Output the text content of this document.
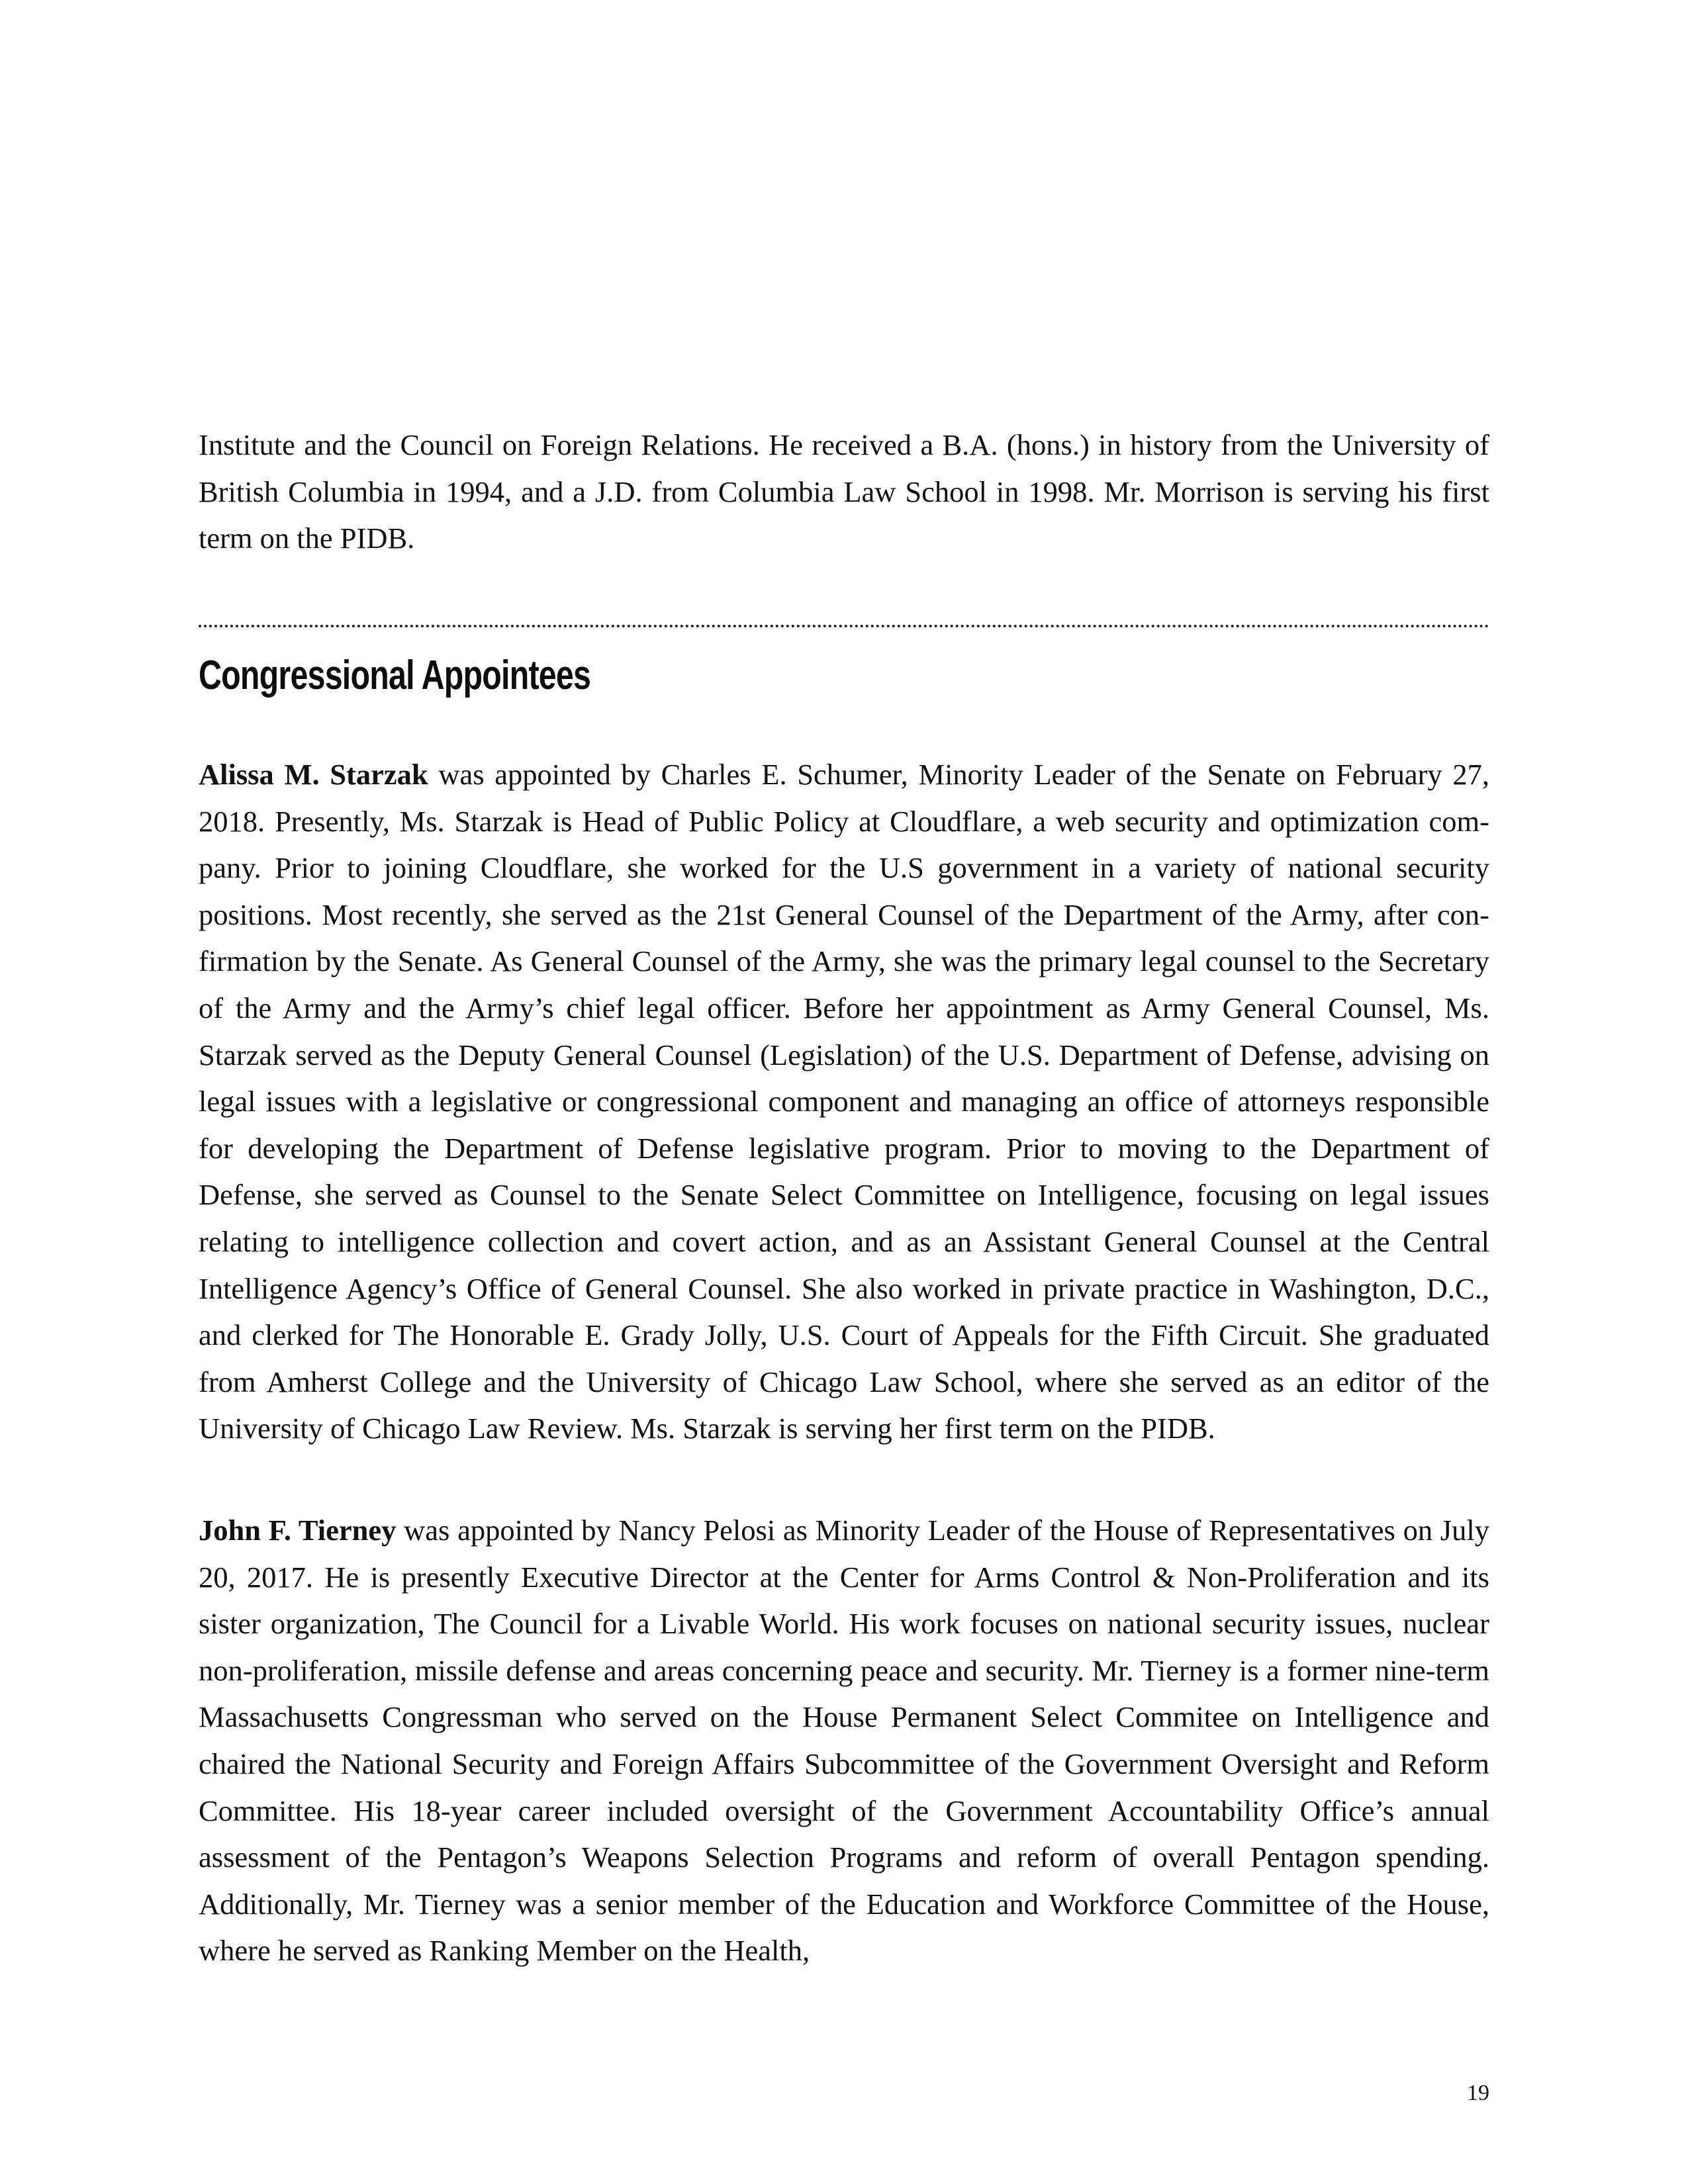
Institute and the Council on Foreign Relations. He received a B.A. (hons.) in history from the University of British Columbia in 1994, and a J.D. from Columbia Law School in 1998. Mr. Morrison is serving his first term on the PIDB.

Congressional Appointees

Alissa M. Starzak was appointed by Charles E. Schumer, Minority Leader of the Senate on February 27, 2018. Presently, Ms. Starzak is Head of Public Policy at Cloudflare, a web security and optimization company. Prior to joining Cloudflare, she worked for the U.S government in a variety of national security positions. Most recently, she served as the 21st General Counsel of the Department of the Army, after confirmation by the Senate. As General Counsel of the Army, she was the primary legal counsel to the Secretary of the Army and the Army’s chief legal officer. Before her appointment as Army General Counsel, Ms. Starzak served as the Deputy General Counsel (Legislation) of the U.S. Department of Defense, advising on legal issues with a legislative or congressional component and managing an office of attorneys responsible for developing the Department of Defense legislative program. Prior to moving to the Department of Defense, she served as Counsel to the Senate Select Committee on Intelligence, focusing on legal issues relating to intelligence collection and covert action, and as an Assistant General Counsel at the Central Intelligence Agency’s Office of General Counsel. She also worked in private practice in Washington, D.C., and clerked for The Honorable E. Grady Jolly, U.S. Court of Appeals for the Fifth Circuit. She graduated from Amherst College and the University of Chicago Law School, where she served as an editor of the University of Chicago Law Review. Ms. Starzak is serving her first term on the PIDB.

John F. Tierney was appointed by Nancy Pelosi as Minority Leader of the House of Representatives on July 20, 2017. He is presently Executive Director at the Center for Arms Control & Non-Proliferation and its sister organization, The Council for a Livable World. His work focuses on national security issues, nuclear non-proliferation, missile defense and areas concerning peace and security. Mr. Tierney is a former nine-term Massachusetts Congressman who served on the House Permanent Select Commitee on Intelligence and chaired the National Security and Foreign Affairs Subcommittee of the Government Oversight and Reform Committee. His 18-year career included oversight of the Government Accountability Office’s annual assessment of the Pentagon’s Weapons Selection Programs and reform of overall Pentagon spending. Additionally, Mr. Tierney was a senior member of the Education and Workforce Committee of the House, where he served as Ranking Member on the Health,

19
